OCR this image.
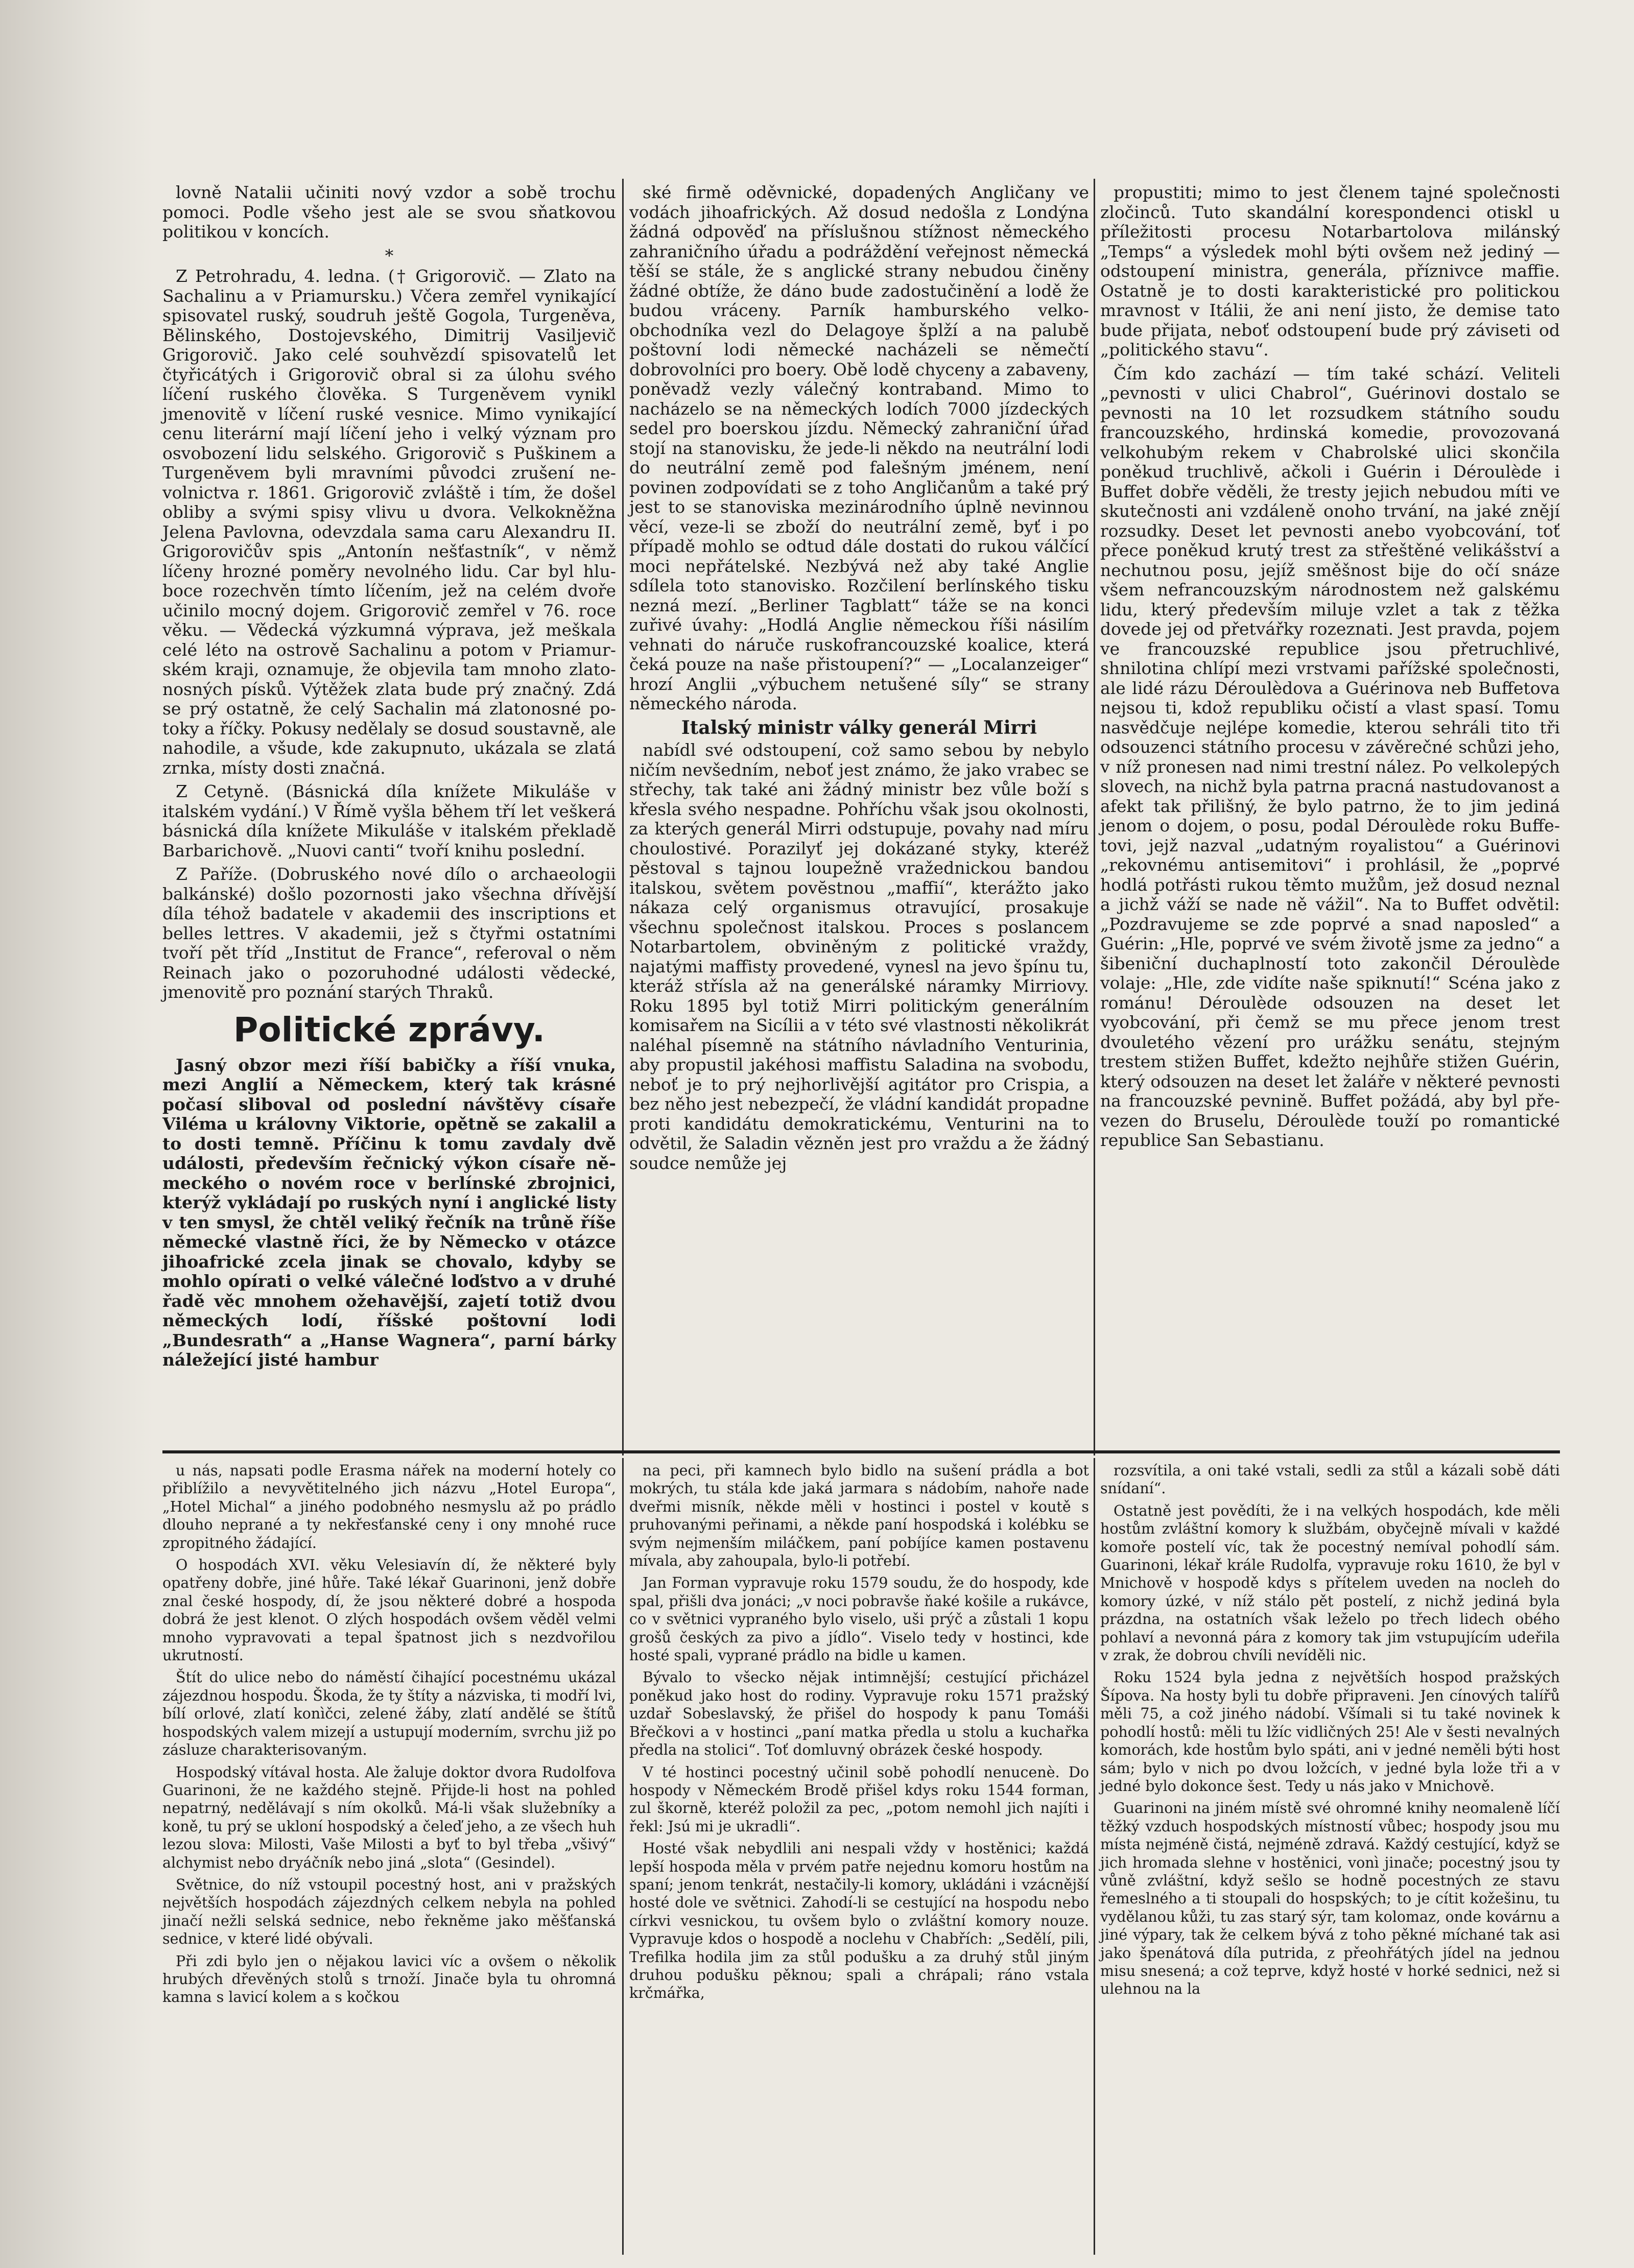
lovně Natalii učiniti nový vzdor a sobě trochu pomoci. Podle všeho jest ale se svou sňatkovou politikou v koncích.

*

Z Petrohradu, 4. ledna. († Grigorovič. — Zlato na Sachalinu a v Priamursku.) Včera zemřel vynikající spisovatel ruský, soudruh ještě Gogola, Turgeněva, Bělinského, Dostojevského, Dimitrij Vasiljevič Grigorovič. Jako celé souhvězdí spisovatelů let čtyřicátých i Grigorovič obral si za úlohu svého líčení ruského člověka. S Turgeněvem vynikl jmenovitě v líčení ruské vesnice. Mimo vynikající cenu literární mají líčení jeho i velký význam pro osvobození lidu selského. Grigorovič s Puškinem a Turgeněvem byli mravními původci zrušení nevolnictva r. 1861. Grigorovič zvláště i tím, že došel obliby a svými spisy vlivu u dvora. Velkokněžna Jelena Pavlovna, odevzdala sama caru Alexandru II. Grigorovičův spis „Antonín nešťastník“, v němž líčeny hrozné poměry nevolného lidu. Car byl hluboce rozechvěn tímto líčením, jež na celém dvoře učinilo mocný dojem. Grigorovič zemřel v 76. roce věku. — Vědecká výzkumná výprava, jež meškala celé léto na ostrově Sachalinu a potom v Priamurském kraji, oznamuje, že objevila tam mnoho zlatonosných písků. Výtěžek zlata bude prý značný. Zdá se prý ostatně, že celý Sachalin má zlatonosné potoky a říčky. Pokusy nedělaly se dosud soustavně, ale nahodile, a všude, kde zakupnuto, ukázala se zlatá zrnka, místy dosti značná.

Z Cetyně. (Básnická díla knížete Mikuláše v italském vydání.) V Římě vyšla během tří let veškerá básnická díla knížete Mikuláše v italském překladě Barbarichově. „Nuovi canti“ tvoří knihu poslední.

Z Paříže. (Dobruského nové dílo o archaeologii balkánské) došlo pozornosti jako všechna dřívější díla téhož badatele v akademii des inscriptions et belles lettres. V akademii, jež s čtyřmi ostatními tvoří pět tříd „Institut de France“, referoval o něm Reinach jako o pozoruhodné události vědecké, jmenovitě pro poznání starých Thraků.

Politické zprávy.

Jasný obzor mezi říší babičky a říší vnuka, mezi Anglií a Německem, který tak krásné počasí sliboval od poslední návštěvy císaře Viléma u královny Viktorie, opětně se zakalil a to dosti temně. Příčinu k tomu zavdaly dvě události, především řečnický výkon císaře německého o novém roce v berlínské zbrojnici, kterýž vykládají po ruských nyní i anglické listy v ten smysl, že chtěl veliký řečník na trůně říše německé vlastně říci, že by Německo v otázce jihoafrické zcela jinak se chovalo, kdyby se mohlo opírati o velké válečné loďstvo a v druhé řadě věc mnohem ožehavější, zajetí totiž dvou německých lodí, říšské poštovní lodi „Bundesrath“ a „Hanse Wagnera“, parní bárky náležející jisté hambur

ské firmě oděvnické, dopadených Angličany ve vodách jihoafrických. Až dosud nedošla z Londýna žádná odpověď na příslušnou stížnost německého zahraničního úřadu a podráždění veřejnost německá těší se stále, že s anglické strany nebudou činěny žádné obtíže, že dáno bude zadostučinění a lodě že budou vráceny. Parník hamburského velkoobchodníka vezl do Delagoye šplží a na palubě poštovní lodi německé nacházeli se němečtí dobrovolníci pro boery. Obě lodě chyceny a zabaveny, poněvadž vezly válečný kontraband. Mimo to nacházelo se na německých lodích 7000 jízdeckých sedel pro boerskou jízdu. Německý zahraniční úřad stojí na stanovisku, že jede-li někdo na neutrální lodi do neutrální země pod falešným jménem, není povinen zodpovídati se z toho Angličanům a také prý jest to se stanoviska mezinárodního úplně nevinnou věcí, veze-li se zboží do neutrální země, byť i po případě mohlo se odtud dále dostati do rukou válčící moci nepřátelské. Nezbývá než aby také Anglie sdílela toto stanovisko. Rozčilení berlínského tisku nezná mezí. „Berliner Tagblatt“ táže se na konci zuřivé úvahy: „Hodlá Anglie německou říši násilím vehnati do náruče ruskofrancouzské koalice, která čeká pouze na naše přistoupení?“ — „Localanzeiger“ hrozí Anglii „výbuchem netušené síly“ se strany německého národa.

Italský ministr války generál Mirri

nabídl své odstoupení, což samo sebou by nebylo ničím nevšedním, neboť jest známo, že jako vrabec se střechy, tak také ani žádný ministr bez vůle boží s křesla svého nespadne. Pohříchu však jsou okolnosti, za kterých generál Mirri odstupuje, povahy nad míru choulostivé. Porazilyť jej dokázané styky, kteréž pěstoval s tajnou loupežně vražednickou bandou italskou, světem povĕstnou „maffií“, kterážto jako nákaza celý organismus otravující, prosakuje všechnu společnost italskou. Proces s poslancem Notarbartolem, obviněným z politické vraždy, najatými maffisty provedené, vynesl na jevo špínu tu, kteráž střísla až na generálské náramky Mirriovy. Roku 1895 byl totiž Mirri politickým generálním komisařem na Sicílii a v této své vlastnosti několikrát naléhal písemně na státního návladního Venturinia, aby propustil jakéhosi maffistu Saladina na svobodu, neboť je to prý nejhorlivější agitátor pro Crispia, a bez něho jest nebezpečí, že vládní kandidát propadne proti kandidátu demokratickému, Venturini na to odvětil, že Saladin vězněn jest pro vraždu a že žádný soudce nemůže jej

propustiti; mimo to jest členem tajné společnosti zločinců. Tuto skandální korespondenci otiskl u příležitosti procesu Notarbartolova milánský „Temps“ a výsledek mohl býti ovšem než jediný — odstoupení ministra, generála, příznivce maffie. Ostatně je to dosti karakteristické pro politickou mravnost v Itálii, že ani není jisto, že demise tato bude přijata, neboť odstoupení bude prý záviseti od „politického stavu“.

Čím kdo zachází — tím také schází. Veliteli „pevnosti v ulici Chabrol“, Guérinovi dostalo se pevnosti na 10 let rozsudkem státního soudu francouzského, hrdinská komedie, provozovaná velkohubým rekem v Chabrolské ulici skončila poněkud truchlivě, ačkoli i Guérin i Déroulède i Buffet dobře věděli, že tresty jejich nebudou míti ve skutečnosti ani vzdáleně onoho trvání, na jaké znějí rozsudky. Deset let pevnosti anebo vyobcování, toť přece poněkud krutý trest za střeštěné velikášství a nechutnou posu, jejíž směšnost bije do očí snáze všem nefrancouzským národnostem než galskému lidu, který především miluje vzlet a tak z těžka dovede jej od přetvářky rozeznati. Jest pravda, pojem ve francouzské republice jsou přetruchlivé, shnilotina chlípí mezi vrstvami pařížské společnosti, ale lidé rázu Déroulèdova a Guérinova neb Buffetova nejsou ti, kdož republiku očistí a vlast spasí. Tomu nasvědčuje nejlépe komedie, kterou sehráli tito tři odsouzenci státního procesu v závěrečné schůzi jeho, v níž pronesen nad nimi trestní nález. Po velkolepých slovech, na nichž byla patrna pracná nastudovanost a afekt tak přilišný, že bylo patrno, že to jim jediná jenom o dojem, o posu, podal Déroulède roku Buffetovi, jejž nazval „udatným royalistou“ a Guérinovi „rekovnému antisemitovi“ i prohlásil, že „poprvé hodlá potřásti rukou těmto mužům, jež dosud neznal a jichž váží se nade ně vážil“. Na to Buffet odvětil: „Pozdravujeme se zde poprvé a snad naposled“ a Guérin: „Hle, poprvé ve svém životě jsme za jedno“ a šibeniční duchaplností toto zakončil Déroulède volaje: „Hle, zde vidíte naše spiknutí!“ Scéna jako z románu! Déroulède odsouzen na deset let vyobcování, při čemž se mu přece jenom trest dvouletého vězení pro urážku senátu, stejným trestem stižen Buffet, kdežto nejhůře stižen Guérin, který odsouzen na deset let žaláře v některé pevnosti na francouzské pevnině. Buffet požádá, aby byl převezen do Bruselu, Déroulède touží po romantické republice San Sebastianu.

u nás, napsati podle Erasma nářek na moderní hotely co přiblížilo a nevyvětitelného jich názvu „Hotel Europa“, „Hotel Michal“ a jiného podobného nesmyslu až po prádlo dlouho neprané a ty nekřesťanské ceny i ony mnohé ruce zpropitného žádající.

O hospodách XVI. věku Velesiavín dí, že některé byly opatřeny dobře, jiné hůře. Také lékař Guarinoni, jenž dobře znal české hospody, dí, že jsou některé dobré a hospoda dobrá že jest klenot. O zlých hospodách ovšem věděl velmi mnoho vypravovati a tepal špatnost jich s nezdvořilou ukrutností.

Štít do ulice nebo do náměstí čihající pocestnému ukázal zájezdnou hospodu. Škoda, že ty štíty a názviska, ti modří lvi, bílí orlové, zlatí konìčci, zelené žáby, zlatí andělé se štítů hospodských valem mizejí a ustupují moderním, svrchu již po zásluze charakterisovaným.

Hospodský vítával hosta. Ale žaluje doktor dvora Rudolfova Guarinoni, že ne každého stejně. Přijde-li host na pohled nepatrný, nedělávají s ním okolků. Má-li však služebníky a koně, tu prý se ukloní hospodský a čeleď jeho, a ze všech huh lezou slova: Milosti, Vaše Milosti a byť to byl třeba „všivý“ alchymist nebo dryáčník nebo jiná „slota“ (Gesindel).

Světnice, do níž vstoupil pocestný host, ani v pražských největších hospodách zájezdných celkem nebyla na pohled jinačí nežli selská sednice, nebo řekněme jako měšťanská sednice, v které lidé obývali.

Při zdi bylo jen o nějakou lavici víc a ovšem o několik hrubých dřevěných stolů s trnoží. Jinače byla tu ohromná kamna s lavicí kolem a s kočkou

na peci, při kamnech bylo bidlo na sušení prádla a bot mokrých, tu stála kde jaká jarmara s nádobím, nahoře nade dveřmi misník, někde měli v hostinci i postel v koutě s pruhovanými peřinami, a někde paní hospodská i kolébku se svým nejmenším miláčkem, paní pobíjíce kamen postavenu mívala, aby zahoupala, bylo-li potřebí.

Jan Forman vypravuje roku 1579 soudu, že do hospody, kde spal, přišli dva jonáci; „v noci pobravše ňaké košile a rukávce, co v světnici vypraného bylo viselo, uši prýč a zůstali 1 kopu grošů českých za pivo a jídlo“. Viselo tedy v hostinci, kde hosté spali, vyprané prádlo na bidle u kamen.

Bývalo to všecko nějak intimnější; cestující přicházel poněkud jako host do rodiny. Vypravuje roku 1571 pražský uzdař Sobeslavský, že přišel do hospody k panu Tomáši Břečkovi a v hostinci „paní matka předla u stolu a kuchařka předla na stolici“. Toť domluvný obrázek české hospody.

V té hostinci pocestný učinil sobě pohodlí nenucenè. Do hospody v Německém Brodě přišel kdys roku 1544 forman, zul škorně, kteréž položil za pec, „potom nemohl jich najíti i řekl: Jsú mi je ukradli“.

Hosté však nebydlili ani nespali vždy v hostěnici; každá lepší hospoda měla v prvém patře nejednu komoru hostům na spaní; jenom tenkrát, nestačily-li komory, ukládáni i vzácnější hosté dole ve světnici. Zahodí-li se cestující na hospodu nebo církvi vesnickou, tu ovšem bylo o zvláštní komory nouze. Vypravuje kdos o hospodě a noclehu v Chabřích: „Sedělí, pili, Trefilka hodila jim za stůl podušku a za druhý stůl jiným druhou podušku pěknou; spali a chrápali; ráno vstala krčmářka,

rozsvítila, a oni také vstali, sedli za stůl a kázali sobě dáti snídaní“.

Ostatně jest povědíti, že i na velkých hospodách, kde měli hostům zvláštní komory k službám, obyčejně mívali v každé komoře postelí víc, tak že pocestný nemíval pohodlí sám. Guarinoni, lékař krále Rudolfa, vypravuje roku 1610, že byl v Mnichově v hospodě kdys s přítelem uveden na nocleh do komory úzké, v níž stálo pět postelí, z nichž jediná byla prázdna, na ostatních však leželo po třech lidech obého pohlaví a nevonná pára z komory tak jim vstupujícím udeřila v zrak, že dobrou chvíli nevíděli nic.

Roku 1524 byla jedna z největších hospod pražských Šípova. Na hosty byli tu dobře připraveni. Jen cínových talířů měli 75, a což jiného nádobí. Všímali si tu také novinek k pohodlí hostů: měli tu lžíc vidličných 25! Ale v šesti nevalných komorách, kde hostům bylo spáti, ani v jedné neměli býti host sám; bylo v nich po dvou ložcích, v jedné byla lože tři a v jedné bylo dokonce šest. Tedy u nás jako v Mnichově.

Guarinoni na jiném místě své ohromné knihy neomaleně líčí těžký vzduch hospodských místností vůbec; hospody jsou mu místa nejméně čistá, nejméně zdravá. Každý cestující, když se jich hromada slehne v hostěnici, vonì jinače; pocestný jsou ty vůně zvláštní, když sešlo se hodně pocestných ze stavu řemeslného a ti stoupali do hospských; to je cítit kožešinu, tu vydělanou kůži, tu zas starý sýr, tam kolomaz, onde kovárnu a jiné výpary, tak že celkem bývá z toho pěkné míchané tak asi jako špenátová díla putrida, z přeohřátých jídel na jednou misu snesená; a což teprve, když hosté v horké sednici, než si ulehnou na la
